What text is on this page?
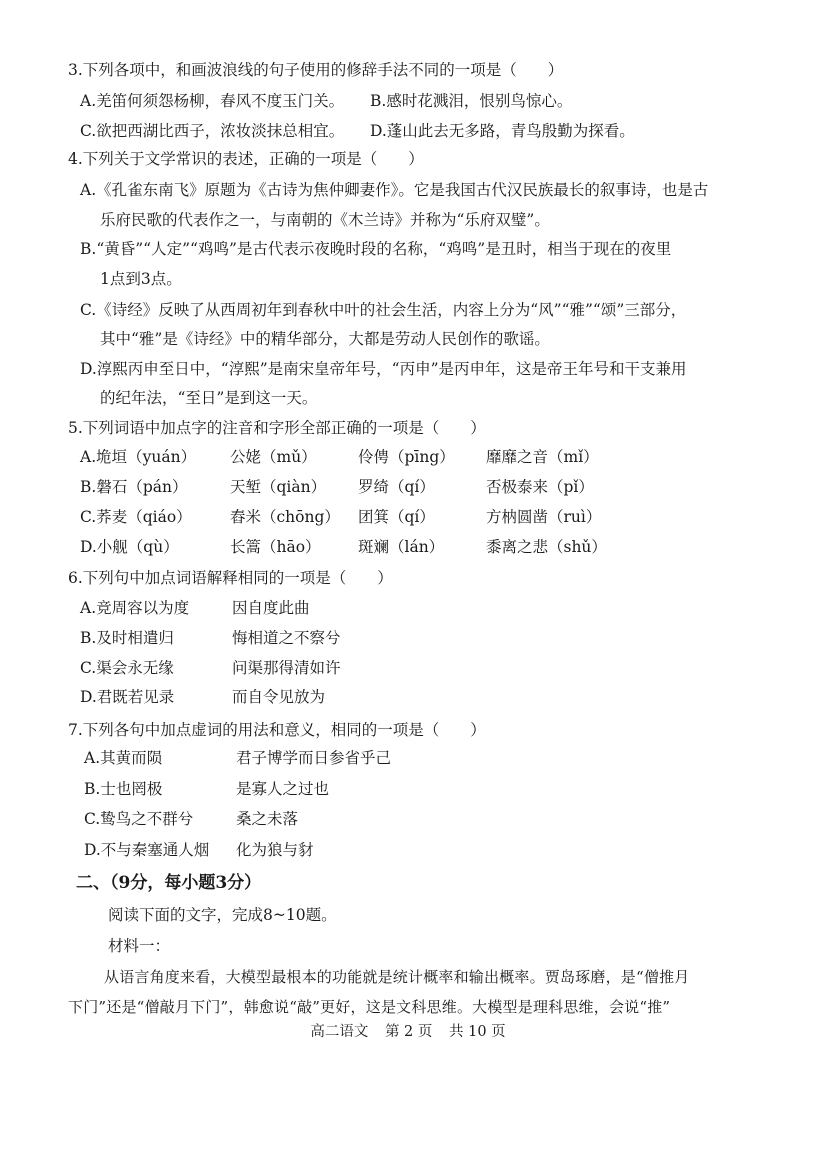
3.下列各项中，和画波浪线的句子使用的修辞手法不同的一项是（　　）
A.羌笛何须怨杨柳，春风不度玉门关。 B.感时花溅泪，恨别鸟惊心。
C.欲把西湖比西子，浓妆淡抹总相宜。 D.蓬山此去无多路，青鸟殷勤为探看。
4.下列关于文学常识的表述，正确的一项是（　　）
A.《孔雀东南飞》原题为《古诗为焦仲卿妻作》。它是我国古代汉民族最长的叙事诗，也是古
乐府民歌的代表作之一，与南朝的《木兰诗》并称为“乐府双璧”。
B.“黄昏”“人定”“鸡鸣”是古代表示夜晚时段的名称，“鸡鸣”是丑时，相当于现在的夜里
1点到3点。
C.《诗经》反映了从西周初年到春秋中叶的社会生活，内容上分为“风”“雅”“颂”三部分，
其中“雅”是《诗经》中的精华部分，大都是劳动人民创作的歌谣。
D.淳熙丙申至日中，“淳熙”是南宋皇帝年号，“丙申”是丙申年，这是帝王年号和干支兼用
的纪年法，“至日”是到这一天。
5.下列词语中加点字的注音和字形全部正确的一项是（　　）
A.垝垣（yuán）	公姥（mǔ）	伶俜（pīng）	靡靡之音（mǐ）
B.磐石（pán）	天堑（qiàn）	罗绮（qí）	否极泰来（pǐ）
C.荞麦（qiáo）	舂米（chōng）	团箕（qí）	方枘圆凿（ruì）
D.小舰（qù）	长篙（hāo）	斑斓（lán）	黍离之悲（shǔ）
6.下列句中加点词语解释相同的一项是（　　）
A.竞周容以为度	因自度此曲
B.及时相遣归	悔相道之不察兮
C.渠会永无缘	问渠那得清如许
D.君既若见录	而自令见放为
7.下列各句中加点虚词的用法和意义，相同的一项是（　　）
A.其黄而陨	君子博学而日参省乎己
B.士也罔极	是寡人之过也
C.鸷鸟之不群兮	桑之未落
D.不与秦塞通人烟 化为狼与豺
二、（9分，每小题3分）
阅读下面的文字，完成8~10题。
材料一：
从语言角度来看，大模型最根本的功能就是统计概率和输出概率。贾岛琢磨，是“僧推月
下门”还是“僧敲月下门”，韩愈说“敲”更好，这是文科思维。大模型是理科思维，会说“推”
高二语文 第 2 页 共 10 页
